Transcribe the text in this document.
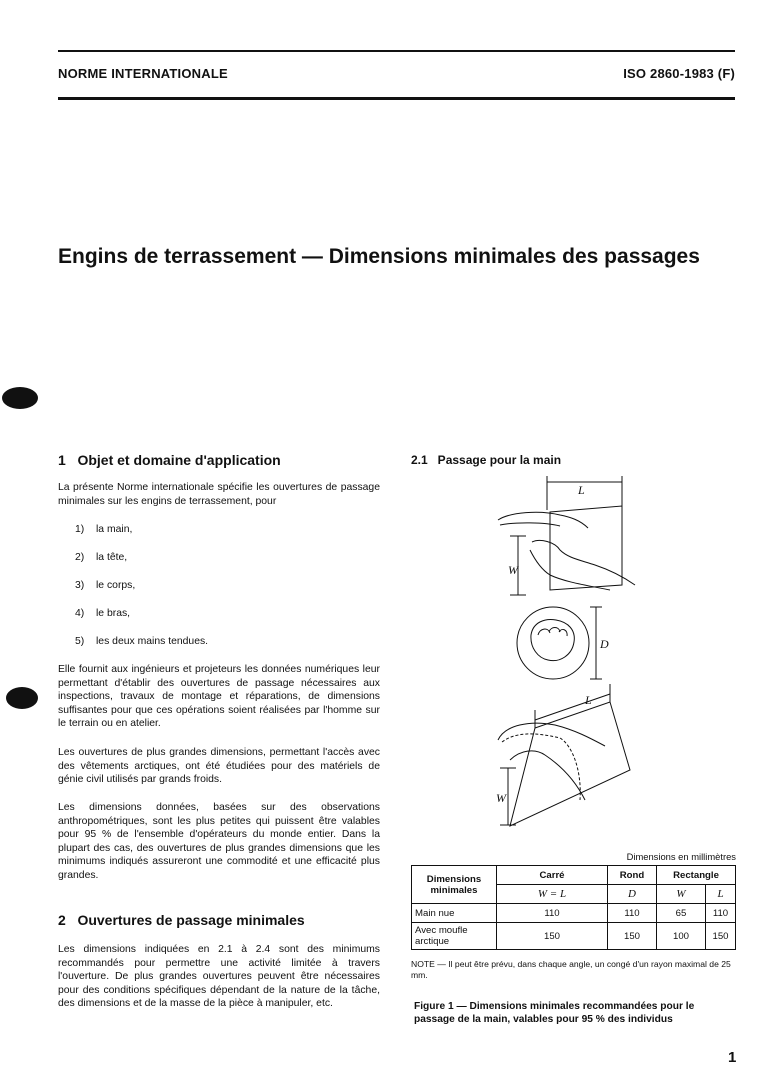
NORME INTERNATIONALE	ISO 2860-1983 (F)
Engins de terrassement — Dimensions minimales des passages
1   Objet et domaine d'application

La présente Norme internationale spécifie les ouvertures de passage minimales sur les engins de terrassement, pour

1) la main,
2) la tête,
3) le corps,
4) le bras,
5) les deux mains tendues.

Elle fournit aux ingénieurs et projeteurs les données numériques leur permettant d'établir des ouvertures de passage nécessaires aux inspections, travaux de montage et réparations, de dimensions suffisantes pour que ces opérations soient réalisées par l'homme sur le terrain ou en atelier.

Les ouvertures de plus grandes dimensions, permettant l'accès avec des vêtements arctiques, ont été étudiées pour des matériels de génie civil utilisés par grands froids.

Les dimensions données, basées sur des observations anthropométriques, sont les plus petites qui puissent être valables pour 95 % de l'ensemble d'opérateurs du monde entier. Dans la plupart des cas, des ouvertures de plus grandes dimensions que les minimums indiqués assureront une commodité et une efficacité plus grandes.

2   Ouvertures de passage minimales

Les dimensions indiquées en 2.1 à 2.4 sont des minimums recommandés pour permettre une activité limitée à travers l'ouverture. De plus grandes ouvertures peuvent être nécessaires pour des conditions spécifiques dépendant de la nature de la tâche, des dimensions et de la masse de la pièce à manipuler, etc.

2.1   Passage pour la main
L
W
D
L
W
Dimensions en millimètres
Dimensions minimales	Carré	Rond	Rectangle	
	W = L	D	W	L
Main nue	110	110	65	110
Avec moufle arctique	150	150	100	150

NOTE — Il peut être prévu, dans chaque angle, un congé d'un rayon maximal de 25 mm.

Figure 1 — Dimensions minimales recommandées pour le passage de la main, valables pour 95 % des individus

1
